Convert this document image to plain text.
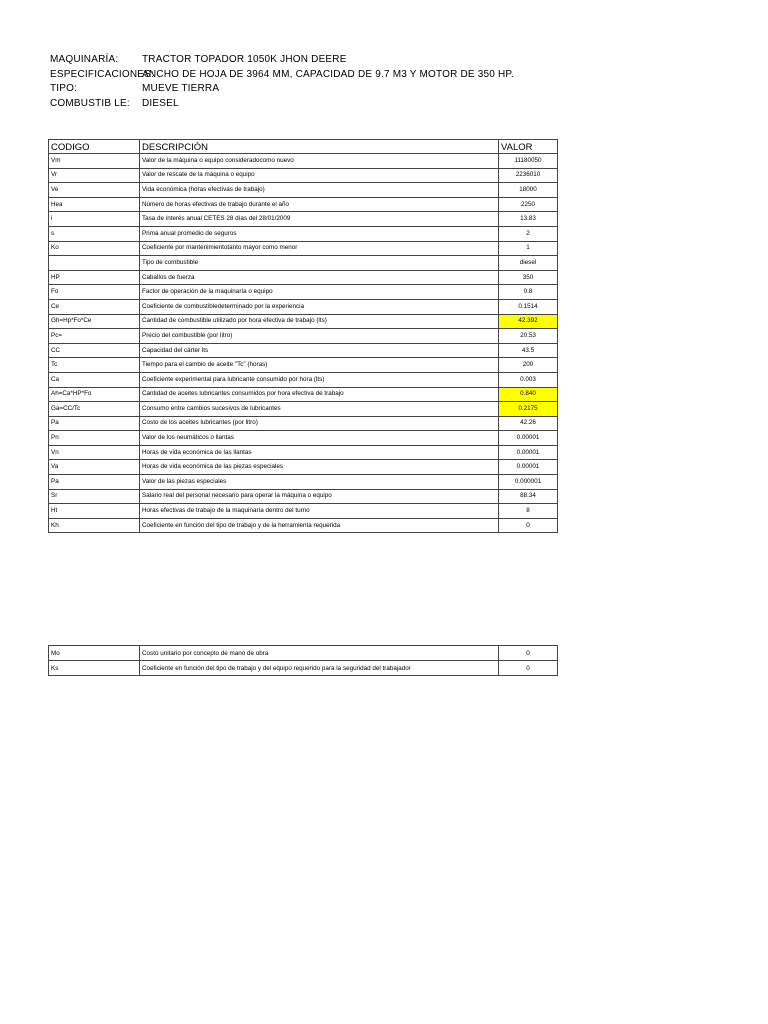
MAQUINARÍA: TRACTOR TOPADOR 1050K JHON DEERE
ESPECIFICACIONES:ANCHO DE HOJA DE 3964 MM, CAPACIDAD DE 9.7 M3 Y MOTOR DE 350 HP.
TIPO:	MUEVE TIERRA
COMBUSTIB LE: DIESEL
CODIGO	DESCRIPCIÓN	VALOR
Vm	Valor de la máquina o equipo consideradocomo nuevo	11180050
Vr	Valor de rescate de la máquina o equipo	2236010
Ve	Vida económica (horas efectivas de trabajo)	18000
Hea	Número de horas efectivas de trabajo durante el año	2250
i	Tasa de interés anual CETES 28 días del 28/01/2009	13.83
s	Prima anual promedio de seguros	2
Ko	Coeficiente por mantenimientotanto mayor como menor	1
	Tipo de combustible	diesel
HP	Caballos de fuerza	350
Fo	Factor de operación de la maquinaría o equipo	0.8
Ce	Coeficiente de combustibledeterminado por la experiencia	0.1514
Gh=Hp*Fo*Ce	Cantidad de combustible utilizado por hora efectiva de trabajo (lts)	42.392
Pc=	Precio del combustible (por litro)	20.53
CC	Capacidad del cárter lts	43.5
Tc	Tiempo para el cambio de aceite "Tc" (horas)	200
Ca	Coeficiente experimental para lubricante consumido por hora (lts)	0.003
Ah=Ca*HP*Fo	Cantidad de aceites lubricantes consumidos por hora efectiva de trabajo	0.840
Ga=CC/Tc	Consumo entre cambios sucesivos de lubricantes	0.2175
Pa	Costo de los aceites lubricantes (por litro)	42.26
Pn	Valor de los neumáticos o llantas	0.00001
Vn	Horas de vida económica de las llantas	0.00001
Va	Horas de vida económica de las piezas especiales	0.00001
Pa	Valor de las piezas especiales	0.000001
Sr	Salario real del personal necesario para operar la máquina o equipo	88.34
Ht	Horas efectivas de trabajo de la maquinaría dentro del turno	8
Kh	Coeficiente en función del tipo de trabajo y de la herramienta requerida	0
Mo	Costo unitario por concepto de mano de obra	0
Ks	Coeficiente en función del tipo de trabajo y del equipo requerido para la seguridad del trabajador	0
